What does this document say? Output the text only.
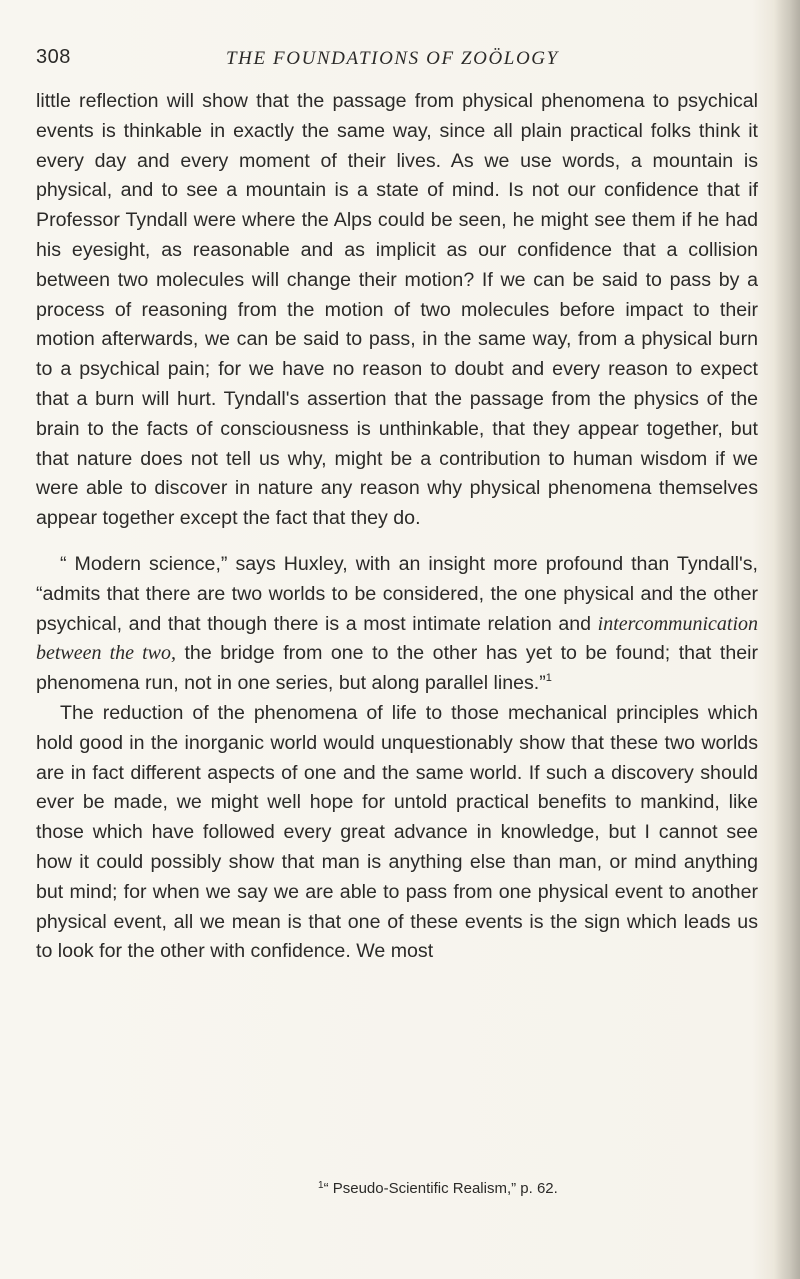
308	THE FOUNDATIONS OF ZOÖLOGY

little reflection will show that the passage from physical phenomena to psychical events is thinkable in exactly the same way, since all plain practical folks think it every day and every moment of their lives. As we use words, a mountain is physical, and to see a mountain is a state of mind. Is not our confidence that if Professor Tyndall were where the Alps could be seen, he might see them if he had his eyesight, as reasonable and as implicit as our confidence that a collision between two molecules will change their motion? If we can be said to pass by a process of reasoning from the motion of two molecules before impact to their motion afterwards, we can be said to pass, in the same way, from a physical burn to a psychical pain; for we have no reason to doubt and every reason to expect that a burn will hurt. Tyndall's assertion that the passage from the physics of the brain to the facts of consciousness is unthinkable, that they appear together, but that nature does not tell us why, might be a contribution to human wisdom if we were able to discover in nature any reason why physical phenomena themselves appear together except the fact that they do.

“ Modern science,” says Huxley, with an insight more profound than Tyndall's, “admits that there are two worlds to be considered, the one physical and the other psychical, and that though there is a most intimate relation and intercommunication between the two, the bridge from one to the other has yet to be found; that their phenomena run, not in one series, but along parallel lines.”$^1$

The reduction of the phenomena of life to those mechanical principles which hold good in the inorganic world would unquestionably show that these two worlds are in fact different aspects of one and the same world. If such a discovery should ever be made, we might well hope for untold practical benefits to mankind, like those which have followed every great advance in knowledge, but I cannot see how it could possibly show that man is anything else than man, or mind anything but mind; for when we say we are able to pass from one physical event to another physical event, all we mean is that one of these events is the sign which leads us to look for the other with confidence. We most

$^1$“ Pseudo-Scientific Realism,” p. 62.
